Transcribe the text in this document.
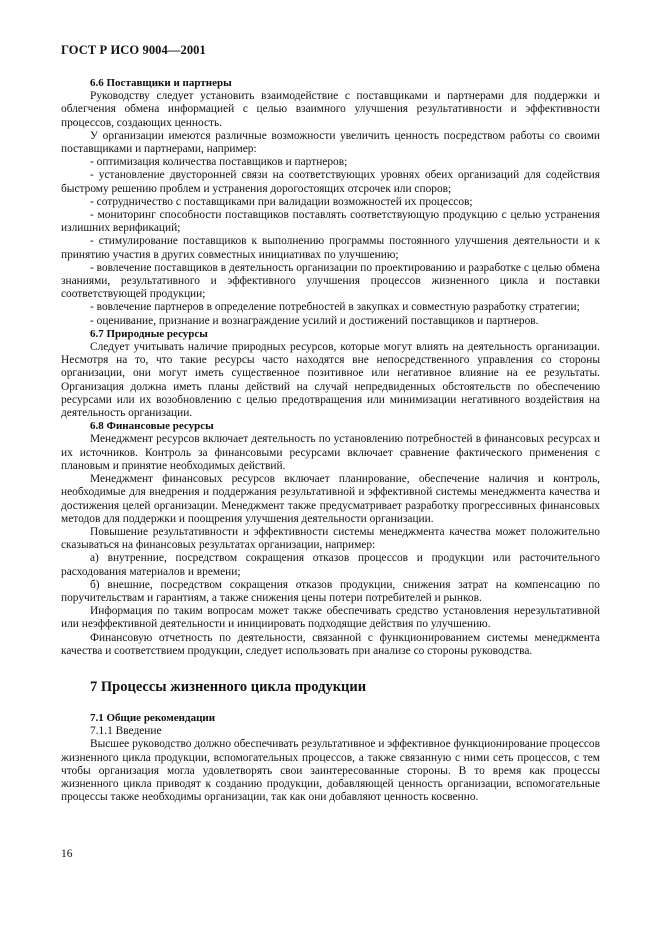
ГОСТ Р ИСО 9004—2001
6.6 Поставщики и партнеры

Руководству следует установить взаимодействие с поставщиками и партнерами для поддержки и облегчения обмена информацией с целью взаимного улучшения результативности и эффективности процессов, создающих ценность.

У организации имеются различные возможности увеличить ценность посредством работы со своими поставщиками и партнерами, например:

- оптимизация количества поставщиков и партнеров;

- установление двусторонней связи на соответствующих уровнях обеих организаций для содействия быстрому решению проблем и устранения дорогостоящих отсрочек или споров;

- сотрудничество с поставщиками при валидации возможностей их процессов;

- мониторинг способности поставщиков поставлять соответствующую продукцию с целью устранения излишних верификаций;

- стимулирование поставщиков к выполнению программы постоянного улучшения деятельности и к принятию участия в других совместных инициативах по улучшению;

- вовлечение поставщиков в деятельность организации по проектированию и разработке с целью обмена знаниями, результативного и эффективного улучшения процессов жизненного цикла и поставки соответствующей продукции;

- вовлечение партнеров в определение потребностей в закупках и совместную разработку стратегии;

- оценивание, признание и вознаграждение усилий и достижений поставщиков и партнеров.

6.7 Природные ресурсы

Следует учитывать наличие природных ресурсов, которые могут влиять на деятельность организации. Несмотря на то, что такие ресурсы часто находятся вне непосредственного управления со стороны организации, они могут иметь существенное позитивное или негативное влияние на ее результаты. Организация должна иметь планы действий на случай непредвиденных обстоятельств по обеспечению ресурсами или их возобновлению с целью предотвращения или минимизации негативного воздействия на деятельность организации.

6.8 Финансовые ресурсы

Менеджмент ресурсов включает деятельность по установлению потребностей в финансовых ресурсах и их источников. Контроль за финансовыми ресурсами включает сравнение фактического применения с плановым и принятие необходимых действий.

Менеджмент финансовых ресурсов включает планирование, обеспечение наличия и контроль, необходимые для внедрения и поддержания результативной и эффективной системы менеджмента качества и достижения целей организации. Менеджмент также предусматривает разработку прогрессивных финансовых методов для поддержки и поощрения улучшения деятельности организации.

Повышение результативности и эффективности системы менеджмента качества может положительно сказываться на финансовых результатах организации, например:

а) внутренние, посредством сокращения отказов процессов и продукции или расточительного расходования материалов и времени;

б) внешние, посредством сокращения отказов продукции, снижения затрат на компенсацию по поручительствам и гарантиям, а также снижения цены потери потребителей и рынков.

Информация по таким вопросам может также обеспечивать средство установления нерезультативной или неэффективной деятельности и инициировать подходящие действия по улучшению.

Финансовую отчетность по деятельности, связанной с функционированием системы менеджмента качества и соответствием продукции, следует использовать при анализе со стороны руководства.

7 Процессы жизненного цикла продукции
7.1 Общие рекомендации
7.1.1 Введение

Высшее руководство должно обеспечивать результативное и эффективное функционирование процессов жизненного цикла продукции, вспомогательных процессов, а также связанную с ними сеть процессов, с тем чтобы организация могла удовлетворять свои заинтересованные стороны. В то время как процессы жизненного цикла приводят к созданию продукции, добавляющей ценность организации, вспомогательные процессы также необходимы организации, так как они добавляют ценность косвенно.

16
